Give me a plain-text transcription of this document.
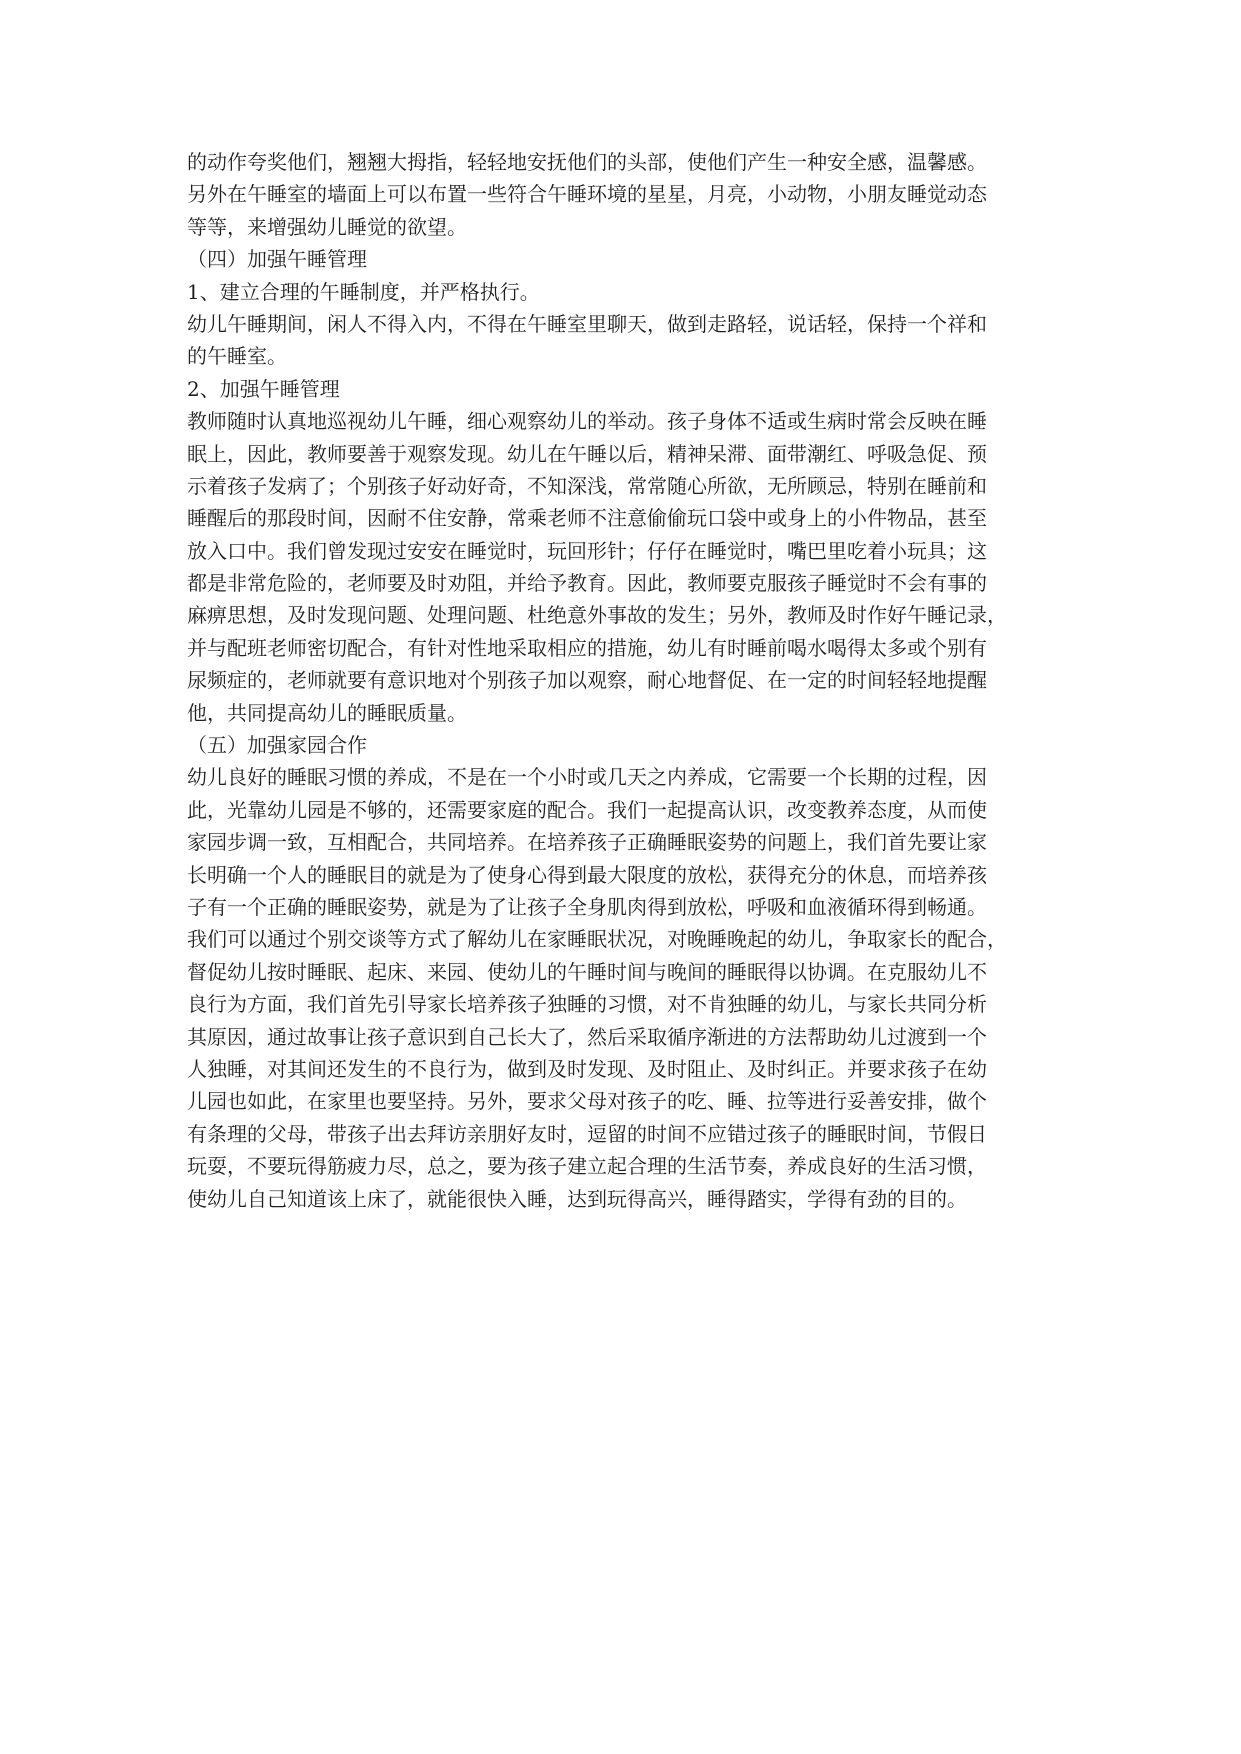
的动作夸奖他们，翘翘大拇指，轻轻地安抚他们的头部，使他们产生一种安全感，温馨感。
另外在午睡室的墙面上可以布置一些符合午睡环境的星星，月亮，小动物，小朋友睡觉动态
等等，来增强幼儿睡觉的欲望。
（四）加强午睡管理
1、建立合理的午睡制度，并严格执行。
幼儿午睡期间，闲人不得入内，不得在午睡室里聊天，做到走路轻，说话轻，保持一个祥和
的午睡室。
2、加强午睡管理
教师随时认真地巡视幼儿午睡，细心观察幼儿的举动。孩子身体不适或生病时常会反映在睡
眠上，因此，教师要善于观察发现。幼儿在午睡以后，精神呆滞、面带潮红、呼吸急促、预
示着孩子发病了；个别孩子好动好奇，不知深浅，常常随心所欲，无所顾忌，特别在睡前和
睡醒后的那段时间，因耐不住安静，常乘老师不注意偷偷玩口袋中或身上的小件物品，甚至
放入口中。我们曾发现过安安在睡觉时，玩回形针；仔仔在睡觉时，嘴巴里吃着小玩具；这
都是非常危险的，老师要及时劝阻，并给予教育。因此，教师要克服孩子睡觉时不会有事的
麻痹思想，及时发现问题、处理问题、杜绝意外事故的发生；另外，教师及时作好午睡记录，
并与配班老师密切配合，有针对性地采取相应的措施，幼儿有时睡前喝水喝得太多或个别有
尿频症的，老师就要有意识地对个别孩子加以观察，耐心地督促、在一定的时间轻轻地提醒
他，共同提高幼儿的睡眠质量。
（五）加强家园合作
幼儿良好的睡眠习惯的养成，不是在一个小时或几天之内养成，它需要一个长期的过程，因
此，光靠幼儿园是不够的，还需要家庭的配合。我们一起提高认识，改变教养态度，从而使
家园步调一致，互相配合，共同培养。在培养孩子正确睡眠姿势的问题上，我们首先要让家
长明确一个人的睡眠目的就是为了使身心得到最大限度的放松，获得充分的休息，而培养孩
子有一个正确的睡眠姿势，就是为了让孩子全身肌肉得到放松，呼吸和血液循环得到畅通。
我们可以通过个别交谈等方式了解幼儿在家睡眠状况，对晚睡晚起的幼儿，争取家长的配合，
督促幼儿按时睡眠、起床、来园、使幼儿的午睡时间与晚间的睡眠得以协调。在克服幼儿不
良行为方面，我们首先引导家长培养孩子独睡的习惯，对不肯独睡的幼儿，与家长共同分析
其原因，通过故事让孩子意识到自己长大了，然后采取循序渐进的方法帮助幼儿过渡到一个
人独睡，对其间还发生的不良行为，做到及时发现、及时阻止、及时纠正。并要求孩子在幼
儿园也如此，在家里也要坚持。另外，要求父母对孩子的吃、睡、拉等进行妥善安排，做个
有条理的父母，带孩子出去拜访亲朋好友时，逗留的时间不应错过孩子的睡眠时间，节假日
玩耍，不要玩得筋疲力尽，总之，要为孩子建立起合理的生活节奏，养成良好的生活习惯，
使幼儿自己知道该上床了，就能很快入睡，达到玩得高兴，睡得踏实，学得有劲的目的。
